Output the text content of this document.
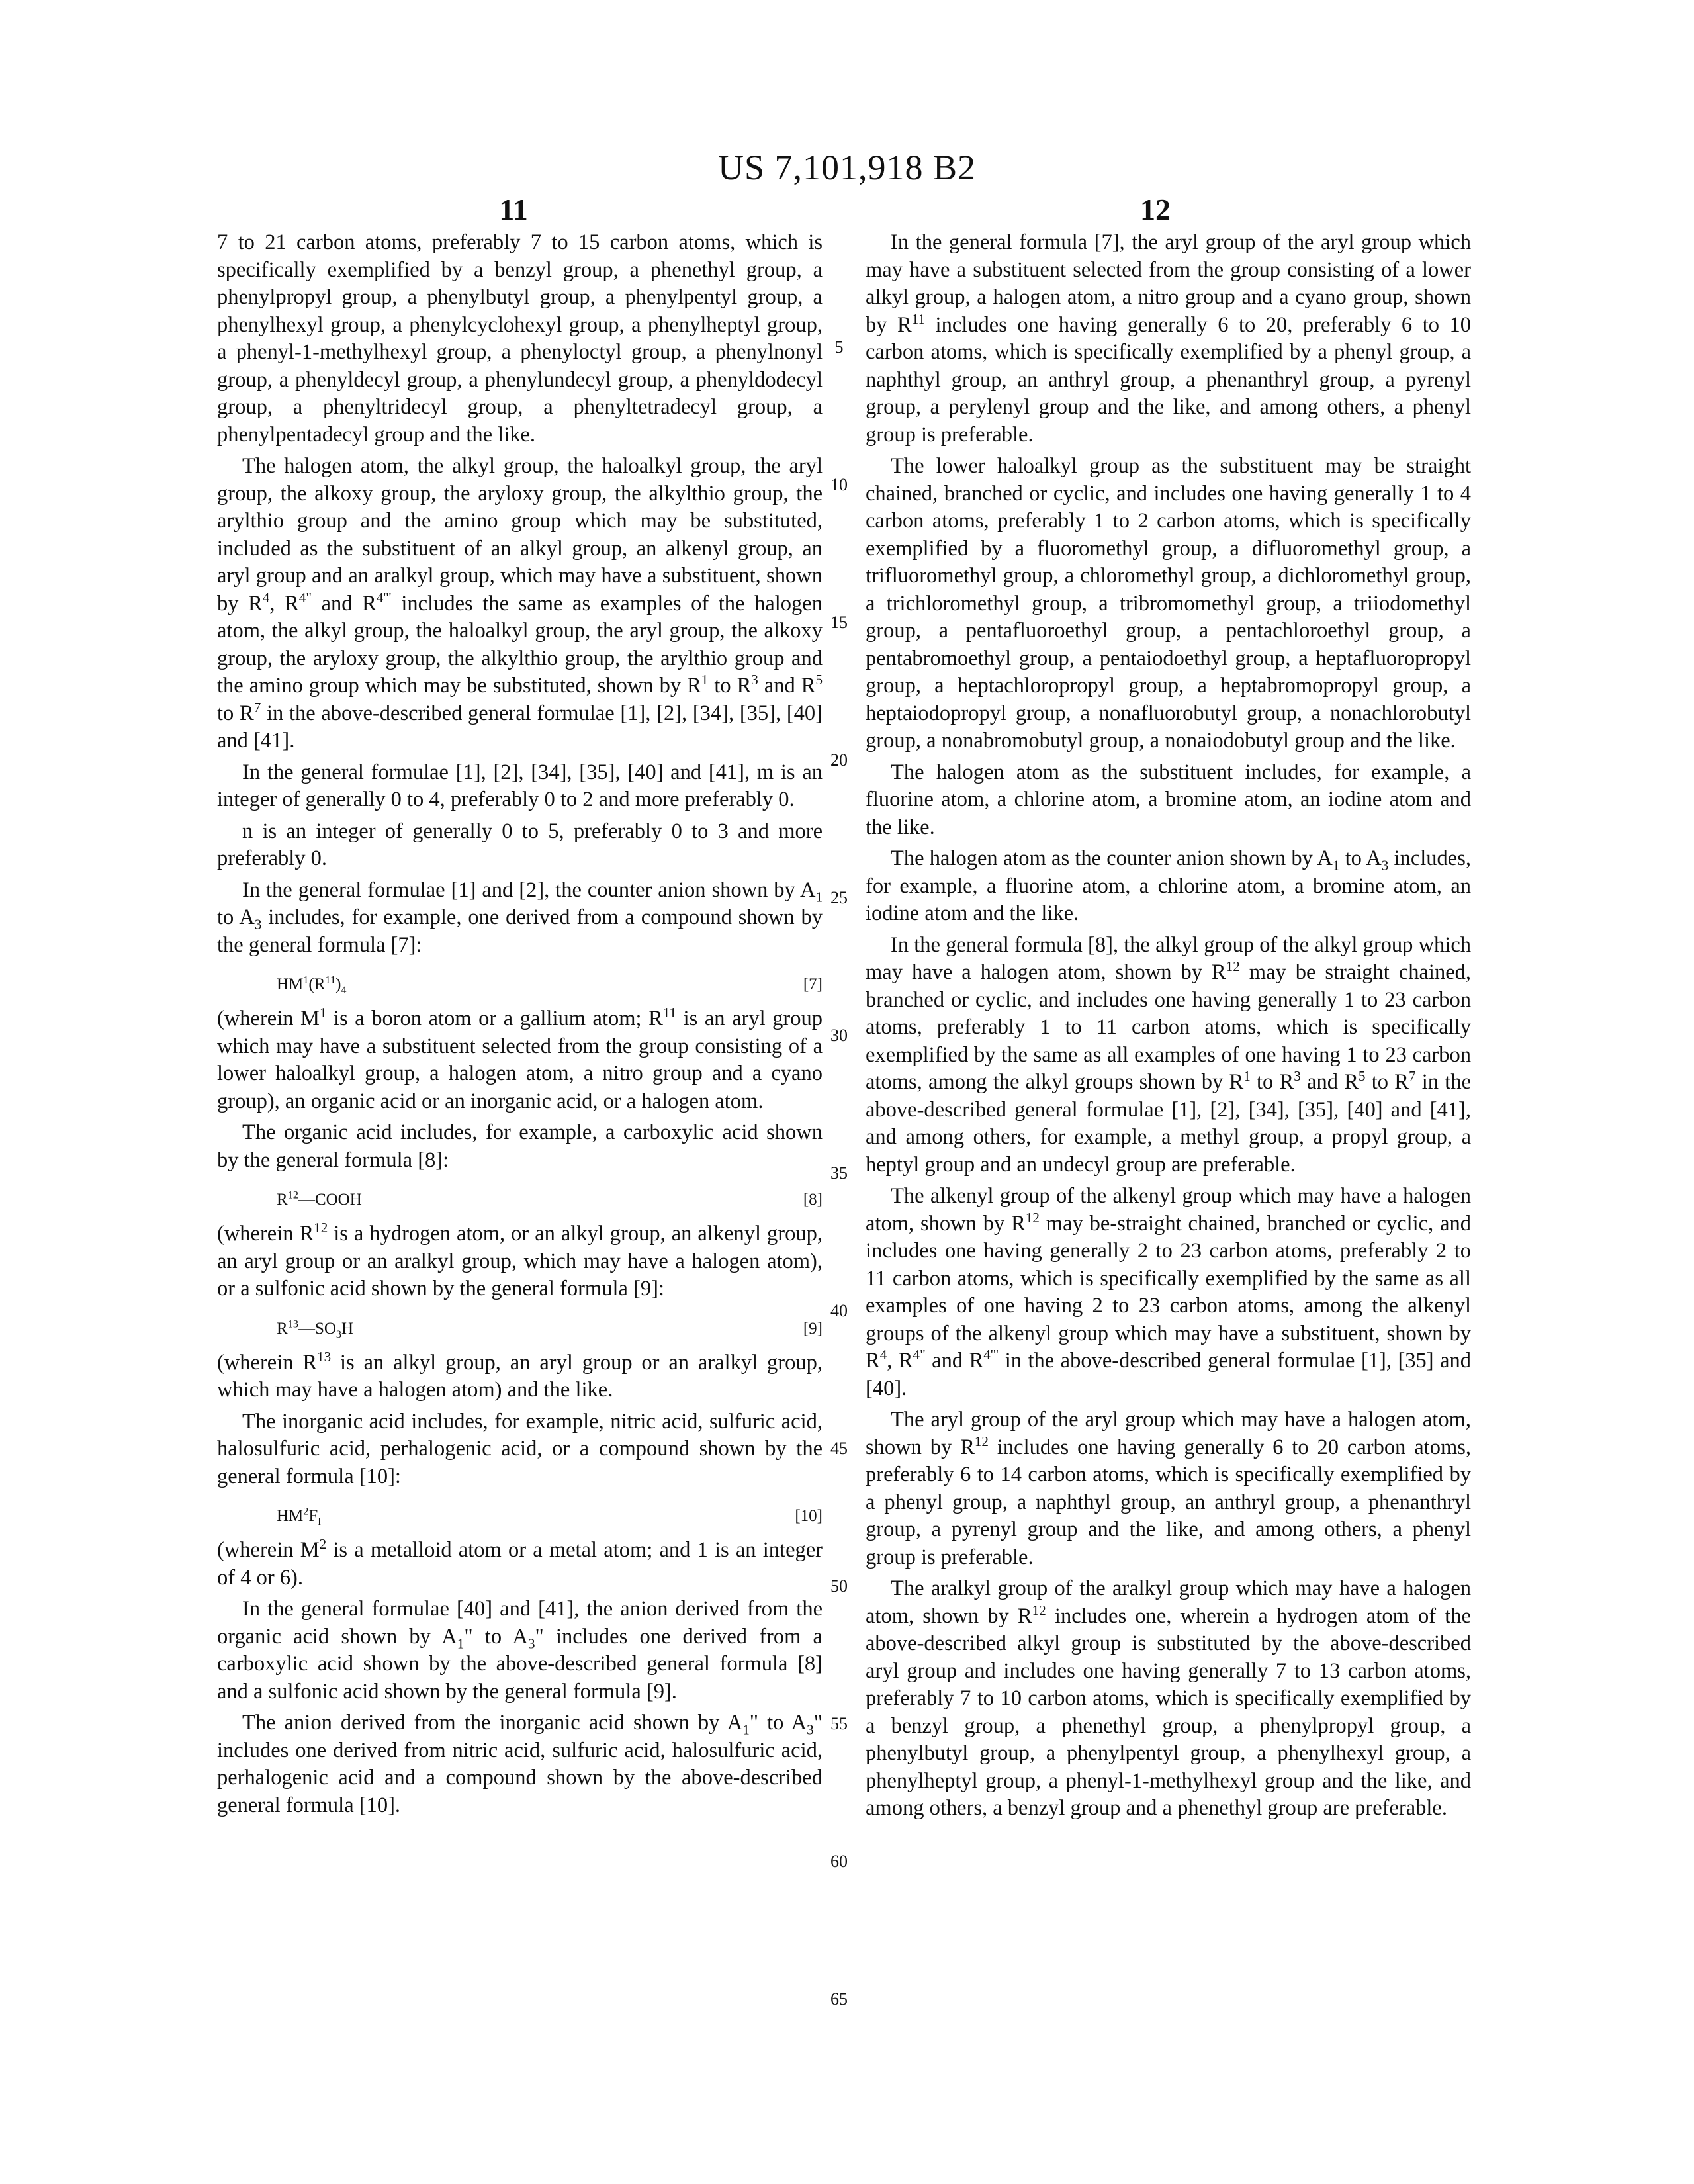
US 7,101,918 B2
11	12
5
10
15
20
25
30
35
40
45
50
55
60
65

7 to 21 carbon atoms, preferably 7 to 15 carbon atoms, which is specifically exemplified by a benzyl group, a phenethyl group, a phenylpropyl group, a phenylbutyl group, a phenylpentyl group, a phenylhexyl group, a phenylcyclohexyl group, a phenylheptyl group, a phenyl-1-methylhexyl group, a phenyloctyl group, a phenylnonyl group, a phenyldecyl group, a phenylundecyl group, a phenyldodecyl group, a phenyltridecyl group, a phenyltetradecyl group, a phenylpentadecyl group and the like.

The halogen atom, the alkyl group, the haloalkyl group, the aryl group, the alkoxy group, the aryloxy group, the alkylthio group, the arylthio group and the amino group which may be substituted, included as the substituent of an alkyl group, an alkenyl group, an aryl group and an aralkyl group, which may have a substituent, shown by R4, R4" and R4'" includes the same as examples of the halogen atom, the alkyl group, the haloalkyl group, the aryl group, the alkoxy group, the aryloxy group, the alkylthio group, the arylthio group and the amino group which may be substituted, shown by R1 to R3 and R5 to R7 in the above-described general formulae [1], [2], [34], [35], [40] and [41].

In the general formulae [1], [2], [34], [35], [40] and [41], m is an integer of generally 0 to 4, preferably 0 to 2 and more preferably 0.

n is an integer of generally 0 to 5, preferably 0 to 3 and more preferably 0.

In the general formulae [1] and [2], the counter anion shown by A1 to A3 includes, for example, one derived from a compound shown by the general formula [7]:

HM1(R11)4	[7]

(wherein M1 is a boron atom or a gallium atom; R11 is an aryl group which may have a substituent selected from the group consisting of a lower haloalkyl group, a halogen atom, a nitro group and a cyano group), an organic acid or an inorganic acid, or a halogen atom.

The organic acid includes, for example, a carboxylic acid shown by the general formula [8]:

R12—COOH	[8]

(wherein R12 is a hydrogen atom, or an alkyl group, an alkenyl group, an aryl group or an aralkyl group, which may have a halogen atom), or a sulfonic acid shown by the general formula [9]:

R13—SO3H	[9]

(wherein R13 is an alkyl group, an aryl group or an aralkyl group, which may have a halogen atom) and the like.

The inorganic acid includes, for example, nitric acid, sulfuric acid, halosulfuric acid, perhalogenic acid, or a compound shown by the general formula [10]:

HM2Fl	[10]

(wherein M2 is a metalloid atom or a metal atom; and 1 is an integer of 4 or 6).

In the general formulae [40] and [41], the anion derived from the organic acid shown by A1" to A3" includes one derived from a carboxylic acid shown by the above-described general formula [8] and a sulfonic acid shown by the general formula [9].

The anion derived from the inorganic acid shown by A1" to A3" includes one derived from nitric acid, sulfuric acid, halosulfuric acid, perhalogenic acid and a compound shown by the above-described general formula [10].

In the general formula [7], the aryl group of the aryl group which may have a substituent selected from the group consisting of a lower alkyl group, a halogen atom, a nitro group and a cyano group, shown by R11 includes one having generally 6 to 20, preferably 6 to 10 carbon atoms, which is specifically exemplified by a phenyl group, a naphthyl group, an anthryl group, a phenanthryl group, a pyrenyl group, a perylenyl group and the like, and among others, a phenyl group is preferable.

The lower haloalkyl group as the substituent may be straight chained, branched or cyclic, and includes one having generally 1 to 4 carbon atoms, preferably 1 to 2 carbon atoms, which is specifically exemplified by a fluoromethyl group, a difluoromethyl group, a trifluoromethyl group, a chloromethyl group, a dichloromethyl group, a trichloromethyl group, a tribromomethyl group, a triiodomethyl group, a pentafluoroethyl group, a pentachloroethyl group, a pentabromoethyl group, a pentaiodoethyl group, a heptafluoropropyl group, a heptachloropropyl group, a heptabromopropyl group, a heptaiodopropyl group, a nonafluorobutyl group, a nonachlorobutyl group, a nonabromobutyl group, a nonaiodobutyl group and the like.

The halogen atom as the substituent includes, for example, a fluorine atom, a chlorine atom, a bromine atom, an iodine atom and the like.

The halogen atom as the counter anion shown by A1 to A3 includes, for example, a fluorine atom, a chlorine atom, a bromine atom, an iodine atom and the like.

In the general formula [8], the alkyl group of the alkyl group which may have a halogen atom, shown by R12 may be straight chained, branched or cyclic, and includes one having generally 1 to 23 carbon atoms, preferably 1 to 11 carbon atoms, which is specifically exemplified by the same as all examples of one having 1 to 23 carbon atoms, among the alkyl groups shown by R1 to R3 and R5 to R7 in the above-described general formulae [1], [2], [34], [35], [40] and [41], and among others, for example, a methyl group, a propyl group, a heptyl group and an undecyl group are preferable.

The alkenyl group of the alkenyl group which may have a halogen atom, shown by R12 may be-straight chained, branched or cyclic, and includes one having generally 2 to 23 carbon atoms, preferably 2 to 11 carbon atoms, which is specifically exemplified by the same as all examples of one having 2 to 23 carbon atoms, among the alkenyl groups of the alkenyl group which may have a substituent, shown by R4, R4" and R4'" in the above-described general formulae [1], [35] and [40].

The aryl group of the aryl group which may have a halogen atom, shown by R12 includes one having generally 6 to 20 carbon atoms, preferably 6 to 14 carbon atoms, which is specifically exemplified by a phenyl group, a naphthyl group, an anthryl group, a phenanthryl group, a pyrenyl group and the like, and among others, a phenyl group is preferable.

The aralkyl group of the aralkyl group which may have a halogen atom, shown by R12 includes one, wherein a hydrogen atom of the above-described alkyl group is substituted by the above-described aryl group and includes one having generally 7 to 13 carbon atoms, preferably 7 to 10 carbon atoms, which is specifically exemplified by a benzyl group, a phenethyl group, a phenylpropyl group, a phenylbutyl group, a phenylpentyl group, a phenylhexyl group, a phenylheptyl group, a phenyl-1-methylhexyl group and the like, and among others, a benzyl group and a phenethyl group are preferable.
